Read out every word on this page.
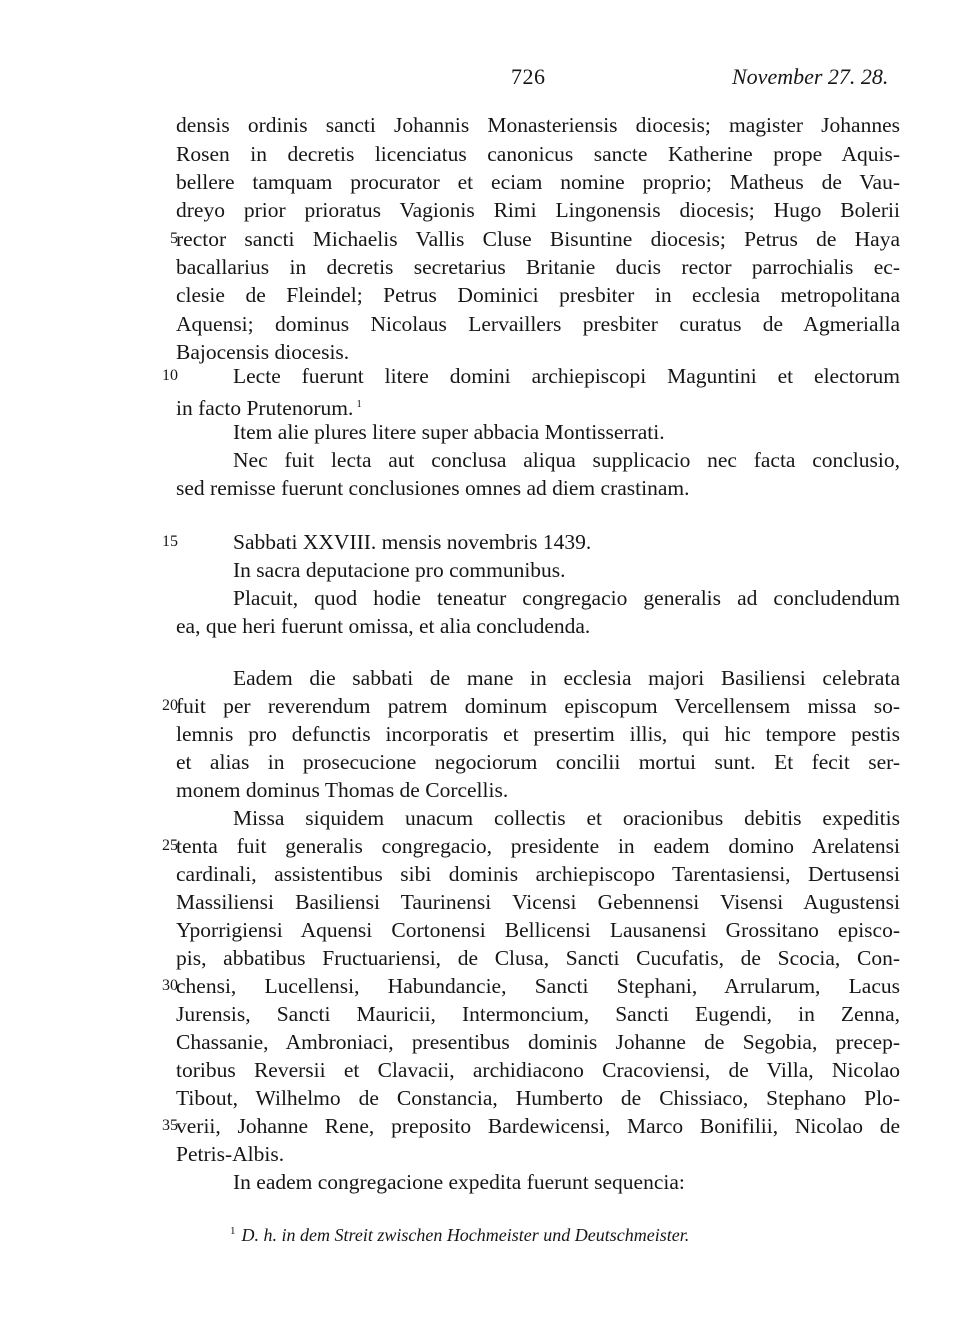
726	November 27. 28.
densis ordinis sancti Johannis Monasteriensis diocesis; magister Johannes
Rosen in decretis licenciatus canonicus sancte Katherine prope Aquis-
bellere tamquam procurator et eciam nomine proprio; Matheus de Vau-
dreyo prior prioratus Vagionis Rimi Lingonensis diocesis; Hugo Bolerii
rector sancti Michaelis Vallis Cluse Bisuntine diocesis; Petrus de Haya
bacallarius in decretis secretarius Britanie ducis rector parrochialis ec-
clesie de Fleindel; Petrus Dominici presbiter in ecclesia metropolitana
Aquensi; dominus Nicolaus Lervaillers presbiter curatus de Agmerialla
Bajocensis diocesis.
Lecte fuerunt litere domini archiepiscopi Maguntini et electorum
in facto Prutenorum. $^1$
Item alie plures litere super abbacia Montisserrati.
Nec fuit lecta aut conclusa aliqua supplicacio nec facta conclusio,
sed remisse fuerunt conclusiones omnes ad diem crastinam.
Sabbati XXVIII. mensis novembris 1439.
In sacra deputacione pro communibus.
Placuit, quod hodie teneatur congregacio generalis ad concludendum
ea, que heri fuerunt omissa, et alia concludenda.
Eadem die sabbati de mane in ecclesia majori Basiliensi celebrata
fuit per reverendum patrem dominum episcopum Vercellensem missa so-
lemnis pro defunctis incorporatis et presertim illis, qui hic tempore pestis
et alias in prosecucione negociorum concilii mortui sunt. Et fecit ser-
monem dominus Thomas de Corcellis.
Missa siquidem unacum collectis et oracionibus debitis expeditis
tenta fuit generalis congregacio, presidente in eadem domino Arelatensi
cardinali, assistentibus sibi dominis archiepiscopo Tarentasiensi, Dertusensi
Massiliensi Basiliensi Taurinensi Vicensi Gebennensi Visensi Augustensi
Yporrigiensi Aquensi Cortonensi Bellicensi Lausanensi Grossitano episco-
pis, abbatibus Fructuariensi, de Clusa, Sancti Cucufatis, de Scocia, Con-
chensi, Lucellensi, Habundancie, Sancti Stephani, Arrularum, Lacus
Jurensis, Sancti Mauricii, Intermoncium, Sancti Eugendi, in Zenna,
Chassanie, Ambroniaci, presentibus dominis Johanne de Segobia, precep-
toribus Reversii et Clavacii, archidiacono Cracoviensi, de Villa, Nicolao
Tibout, Wilhelmo de Constancia, Humberto de Chissiaco, Stephano Plo-
verii, Johanne Rene, preposito Bardewicensi, Marco Bonifilii, Nicolao de
Petris-Albis.
In eadem congregacione expedita fuerunt sequencia:
5
10
15
20
25
30
35
$^1$ D. h. in dem Streit zwischen Hochmeister und Deutschmeister.
